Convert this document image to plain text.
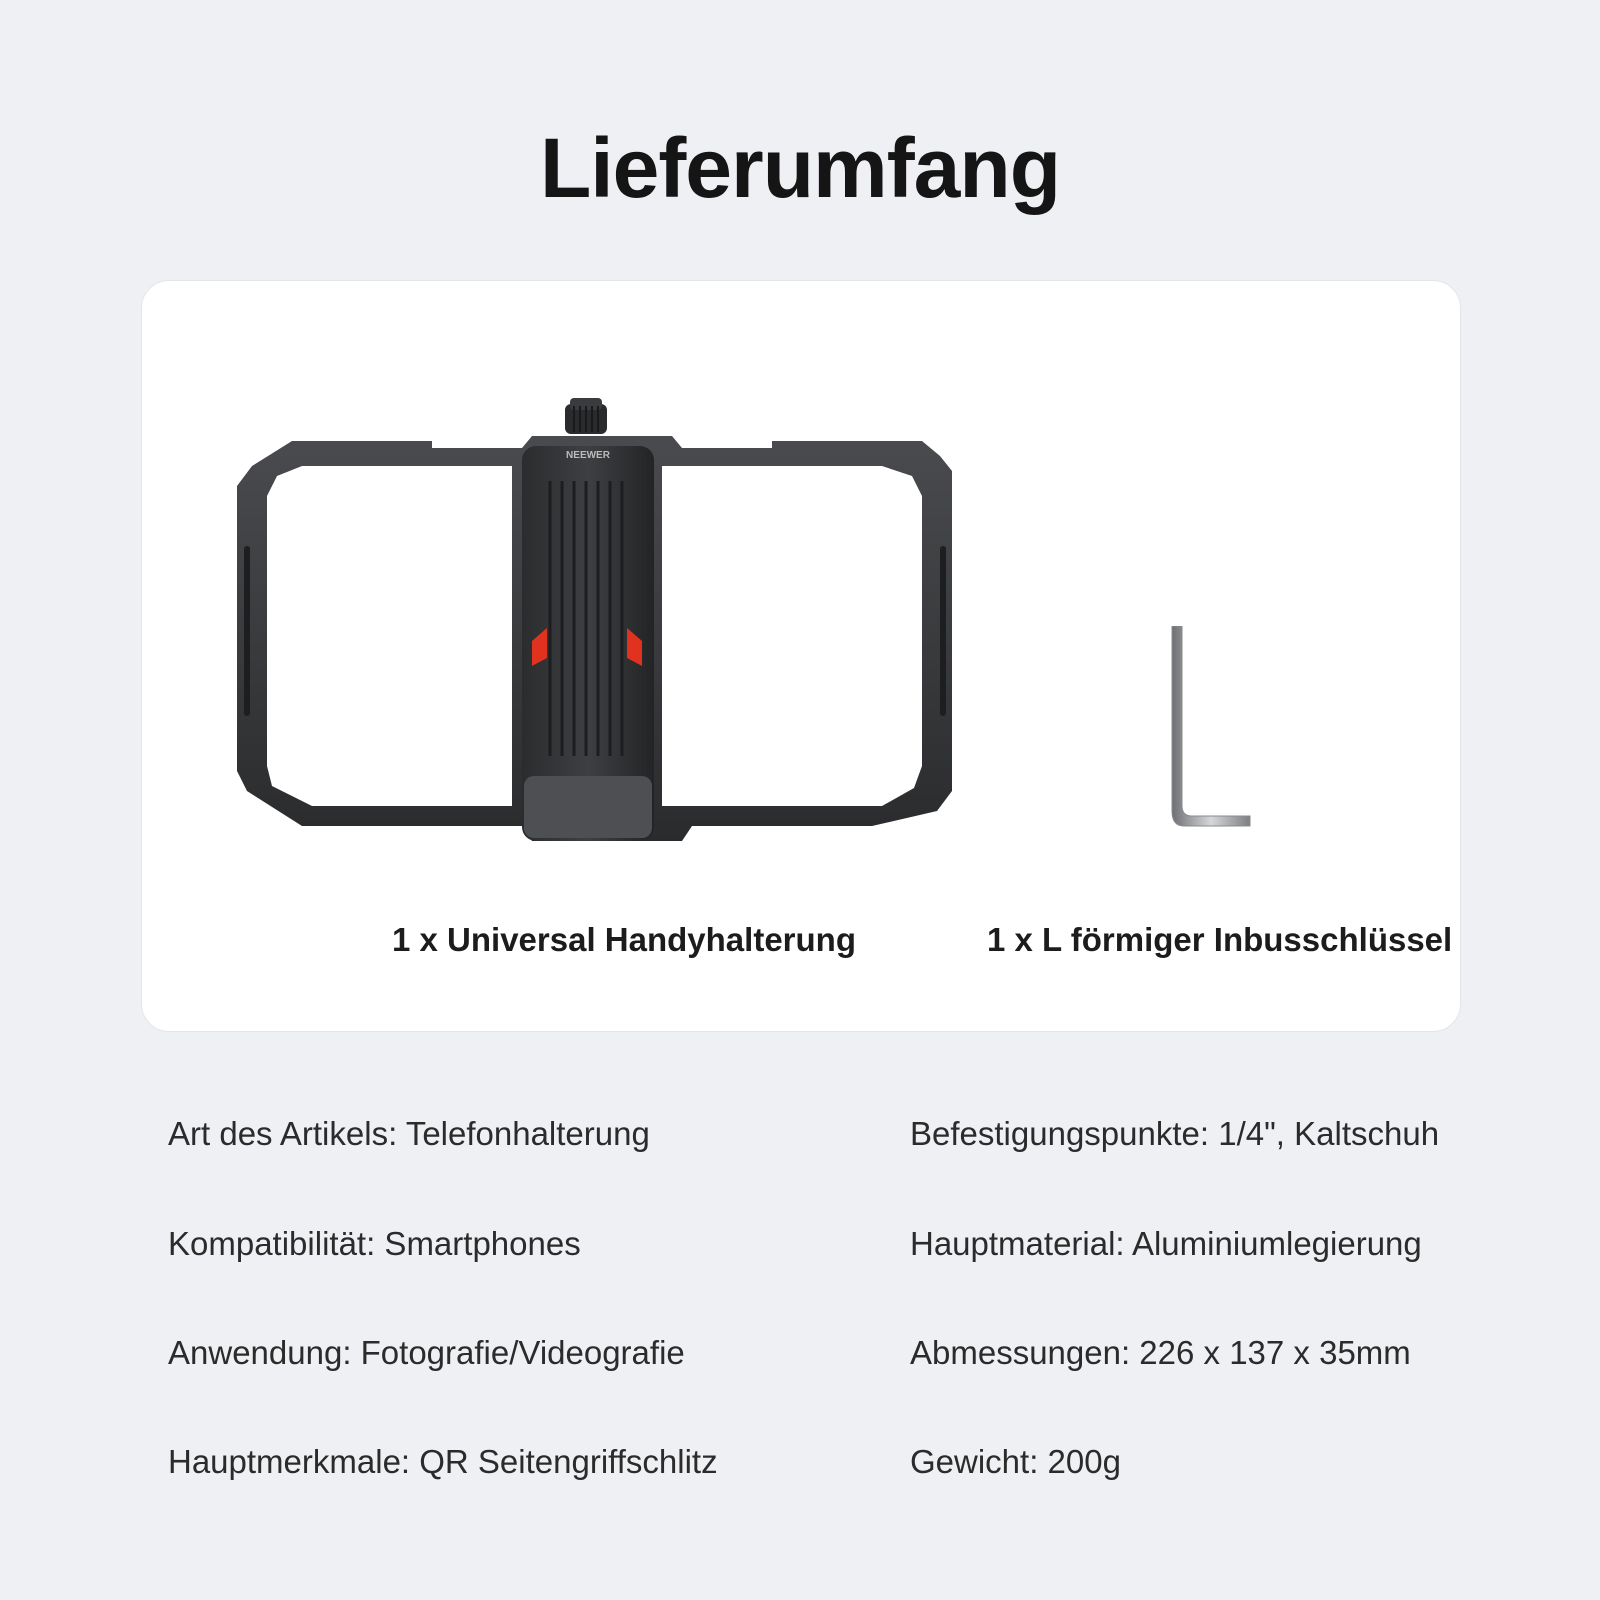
Lieferumfang
NEEWER
1 x Universal Handyhalterung	1 x L förmiger Inbusschlüssel
Art des Artikels: Telefonhalterung
Kompatibilität: Smartphones
Anwendung: Fotografie/Videografie
Hauptmerkmale: QR Seitengriffschlitz
Befestigungspunkte: 1/4", Kaltschuh
Hauptmaterial: Aluminiumlegierung
Abmessungen: 226 x 137 x 35mm
Gewicht: 200g
